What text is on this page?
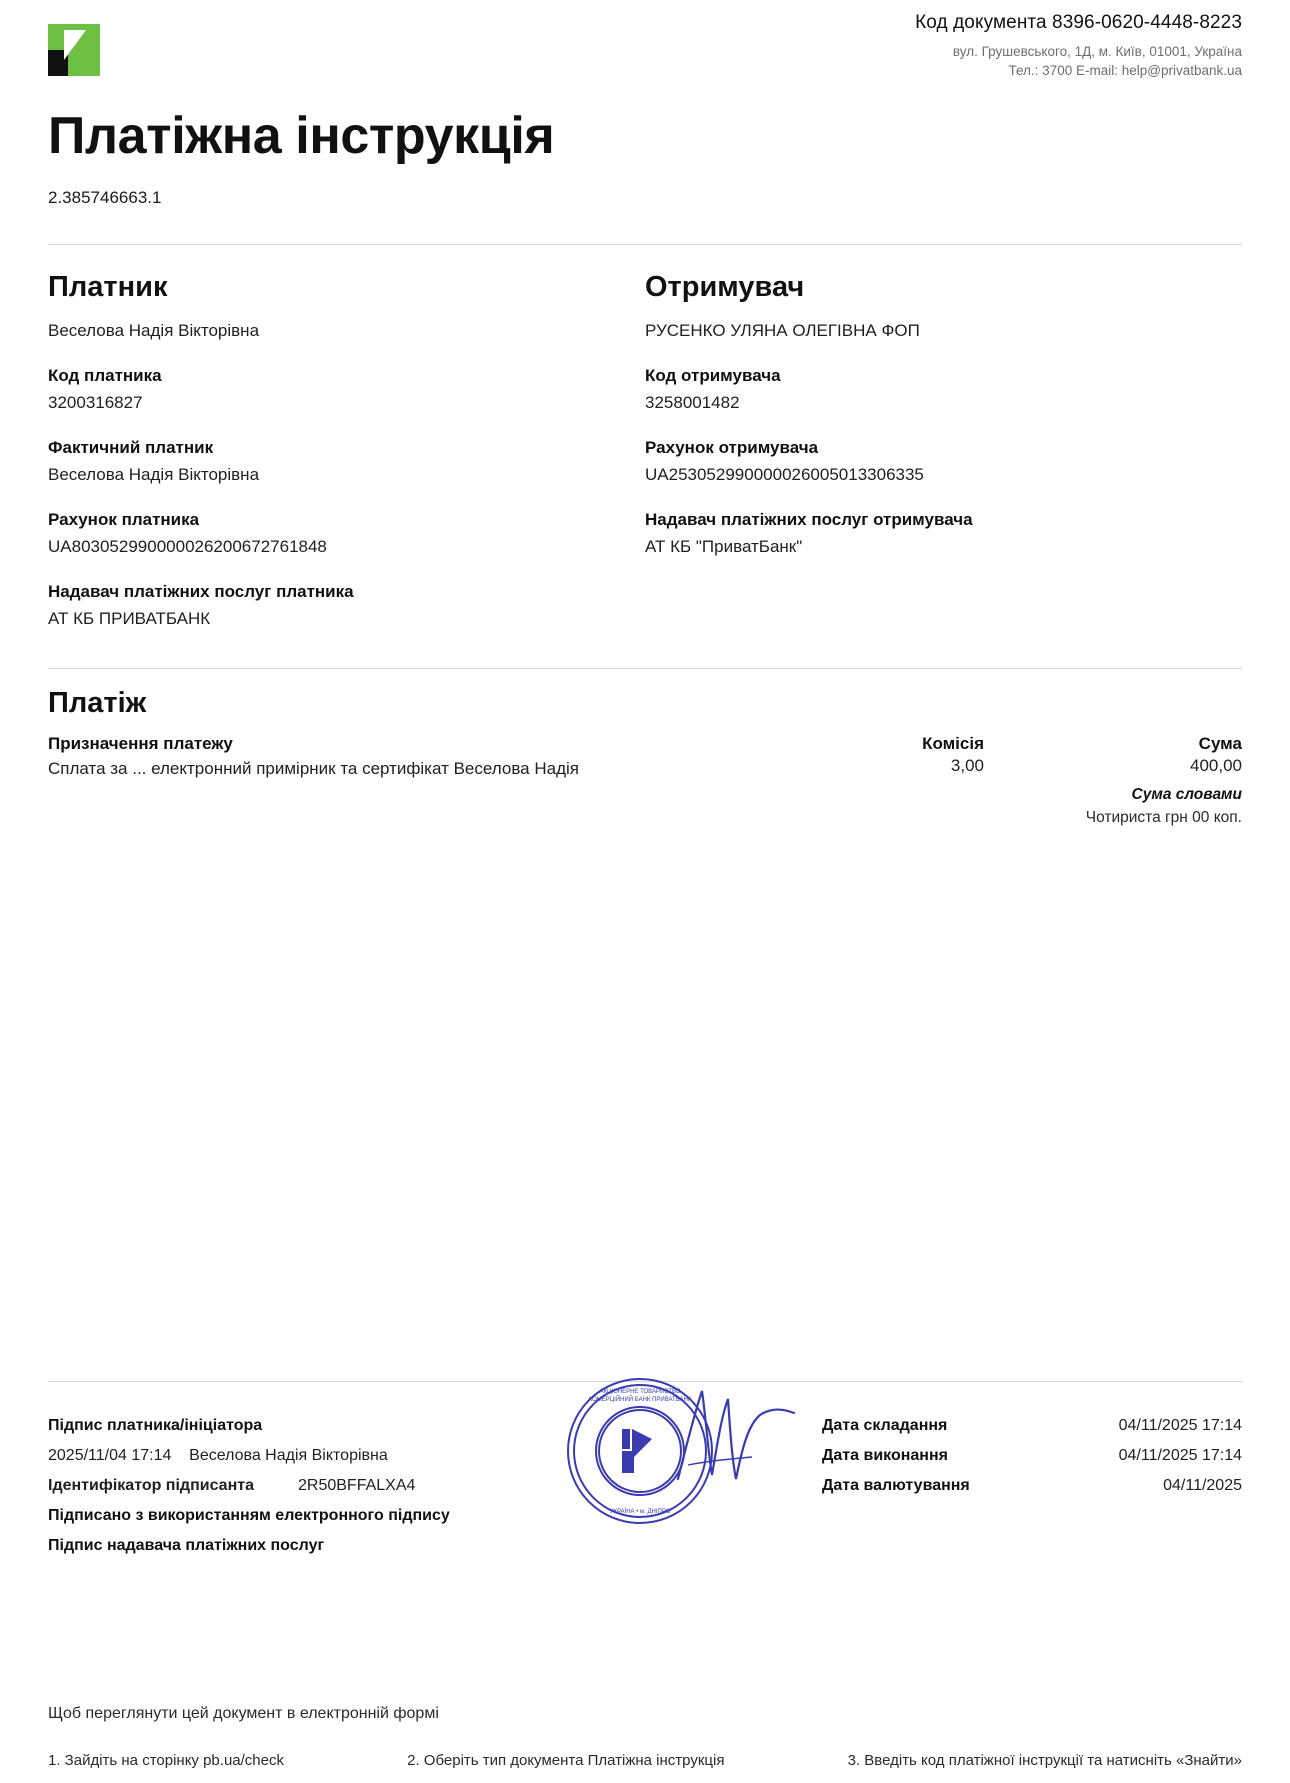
Код документа 8396-0620-4448-8223
вул. Грушевського, 1Д, м. Київ, 01001, Україна
Тел.: 3700 E-mail: help@privatbank.ua
Платіжна інструкція
2.385746663.1
Платник
Веселова Надія Вікторівна
Код платника
3200316827
Фактичний платник
Веселова Надія Вікторівна
Рахунок платника
UA803052990000026200672761848
Надавач платіжних послуг платника
АТ КБ ПРИВАТБАНК
Отримувач
РУСЕНКО УЛЯНА ОЛЕГІВНА ФОП
Код отримувача
3258001482
Рахунок отримувача
UA253052990000026005013306335
Надавач платіжних послуг отримувача
АТ КБ "ПриватБанк"
Платіж
Призначення платежу
Сплата за ... електронний примірник та сертифікат Веселова Надія
Комісія
3,00
Сума
400,00
Сума словами
Чотириста грн 00 коп.
Підпис платника/ініціатора
2025/11/04 17:14 Веселова Надія Вікторівна
Ідентифікатор підписанта	2R50BFFALXA4
Підписано з використанням електронного підпису
Підпис надавача платіжних послуг
АКЦІОНЕРНЕ ТОВАРИСТВО
КОМЕРЦІЙНИЙ БАНК ПРИВАТБАНК
УКРАЇНА • м. ДНІПРО
Дата складання	04/11/2025 17:14
Дата виконання	04/11/2025 17:14
Дата валютування	04/11/2025
Щоб переглянути цей документ в електронній формі
1. Зайдіть на сторінку pb.ua/check	2. Оберіть тип документа Платіжна інструкція	3. Введіть код платіжної інструкції та натисніть «Знайти»
